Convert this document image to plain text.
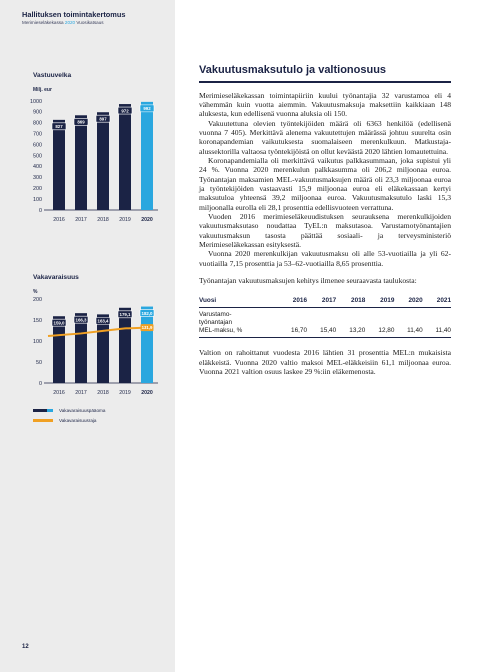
Hallituksen toimintakertomus
Merimieseläkekassa 2020 Vuosikatsaus
Vastuuvelka
Milj. eur
0
100
200
300
400
500
600
700
800
900
1000
827
2016
869
2017
897
2018
972
2019
992
2020
Vakavaraisuus
%
0
50
100
150
200
159,0
2016
166,3
2017
163,4
2018
179,1
2019
182,0
2020
131,9
Vakavaraisuuspääoma
Vakavaraisuusraja
12
Vakuutusmaksutulo ja valtionosuus

Merimieseläkekassan toimintapiiriin kuului työnantajia 32 varustamoa eli 4 vähemmän kuin vuotta aiemmin. Vakuutusmaksuja maksettiin kaikkiaan 148 aluksesta, kun edellisenä vuonna aluksia oli 150.

Vakuutettuna olevien työntekijöiden määrä oli 6363 henkilöä (edellisenä vuonna 7 405). Merkittävä alenema vakuutettujen määrässä johtuu suurelta osin koronapandemian vaikutuksesta suomalaiseen merenkulkuun. Matkustaja-alussektorilla valtaosa työntekijöistä on ollut keväästä 2020 lähtien lomautettuina.

Koronapandemialla oli merkittävä vaikutus palkkasummaan, joka supistui yli 24 %. Vuonna 2020 merenkulun palkkasumma oli 206,2 miljoonaa euroa. Työnantajan maksamien MEL-vakuutusmaksujen määrä oli 23,3 miljoonaa euroa ja työntekijöiden vastaavasti 15,9 miljoonaa euroa eli eläkekassaan kertyi maksutuloa yhteensä 39,2 miljoonaa euroa. Vakuutusmaksutulo laski 15,3 miljoonalla eurolla eli 28,1 prosenttia edellisvuoteen verrattuna.

Vuoden 2016 merimieseläkeuudistuksen seurauksena merenkulkijoiden vakuutusmaksutaso noudattaa TyEL:n maksutasoa. Varustamotyönantajien vakuutusmaksun tasosta päättää sosiaali- ja terveysministeriö Merimieseläkekassan esityksestä.

Vuonna 2020 merenkulkijan vakuutusmaksu oli alle 53-vuotiailla ja yli 62-vuotiailla 7,15 prosenttia ja 53–62-vuotiailla 8,65 prosenttia.

Työnantajan vakuutusmaksujen kehitys ilmenee seuraavasta taulukosta:

Vuosi	2016	2017	2018	2019	2020	2021
Varustamo-
työnantajan
MEL-maksu, %	16,70	15,40	13,20	12,80	11,40	11,40

Valtion on rahoittanut vuodesta 2016 lähtien 31 prosenttia MEL:n mukaisista eläkkeistä. Vuonna 2020 valtio maksoi MEL-eläkkeisiin 61,1 miljoonaa euroa. Vuonna 2021 valtion osuus laskee 29 %:iin eläkemenosta.
